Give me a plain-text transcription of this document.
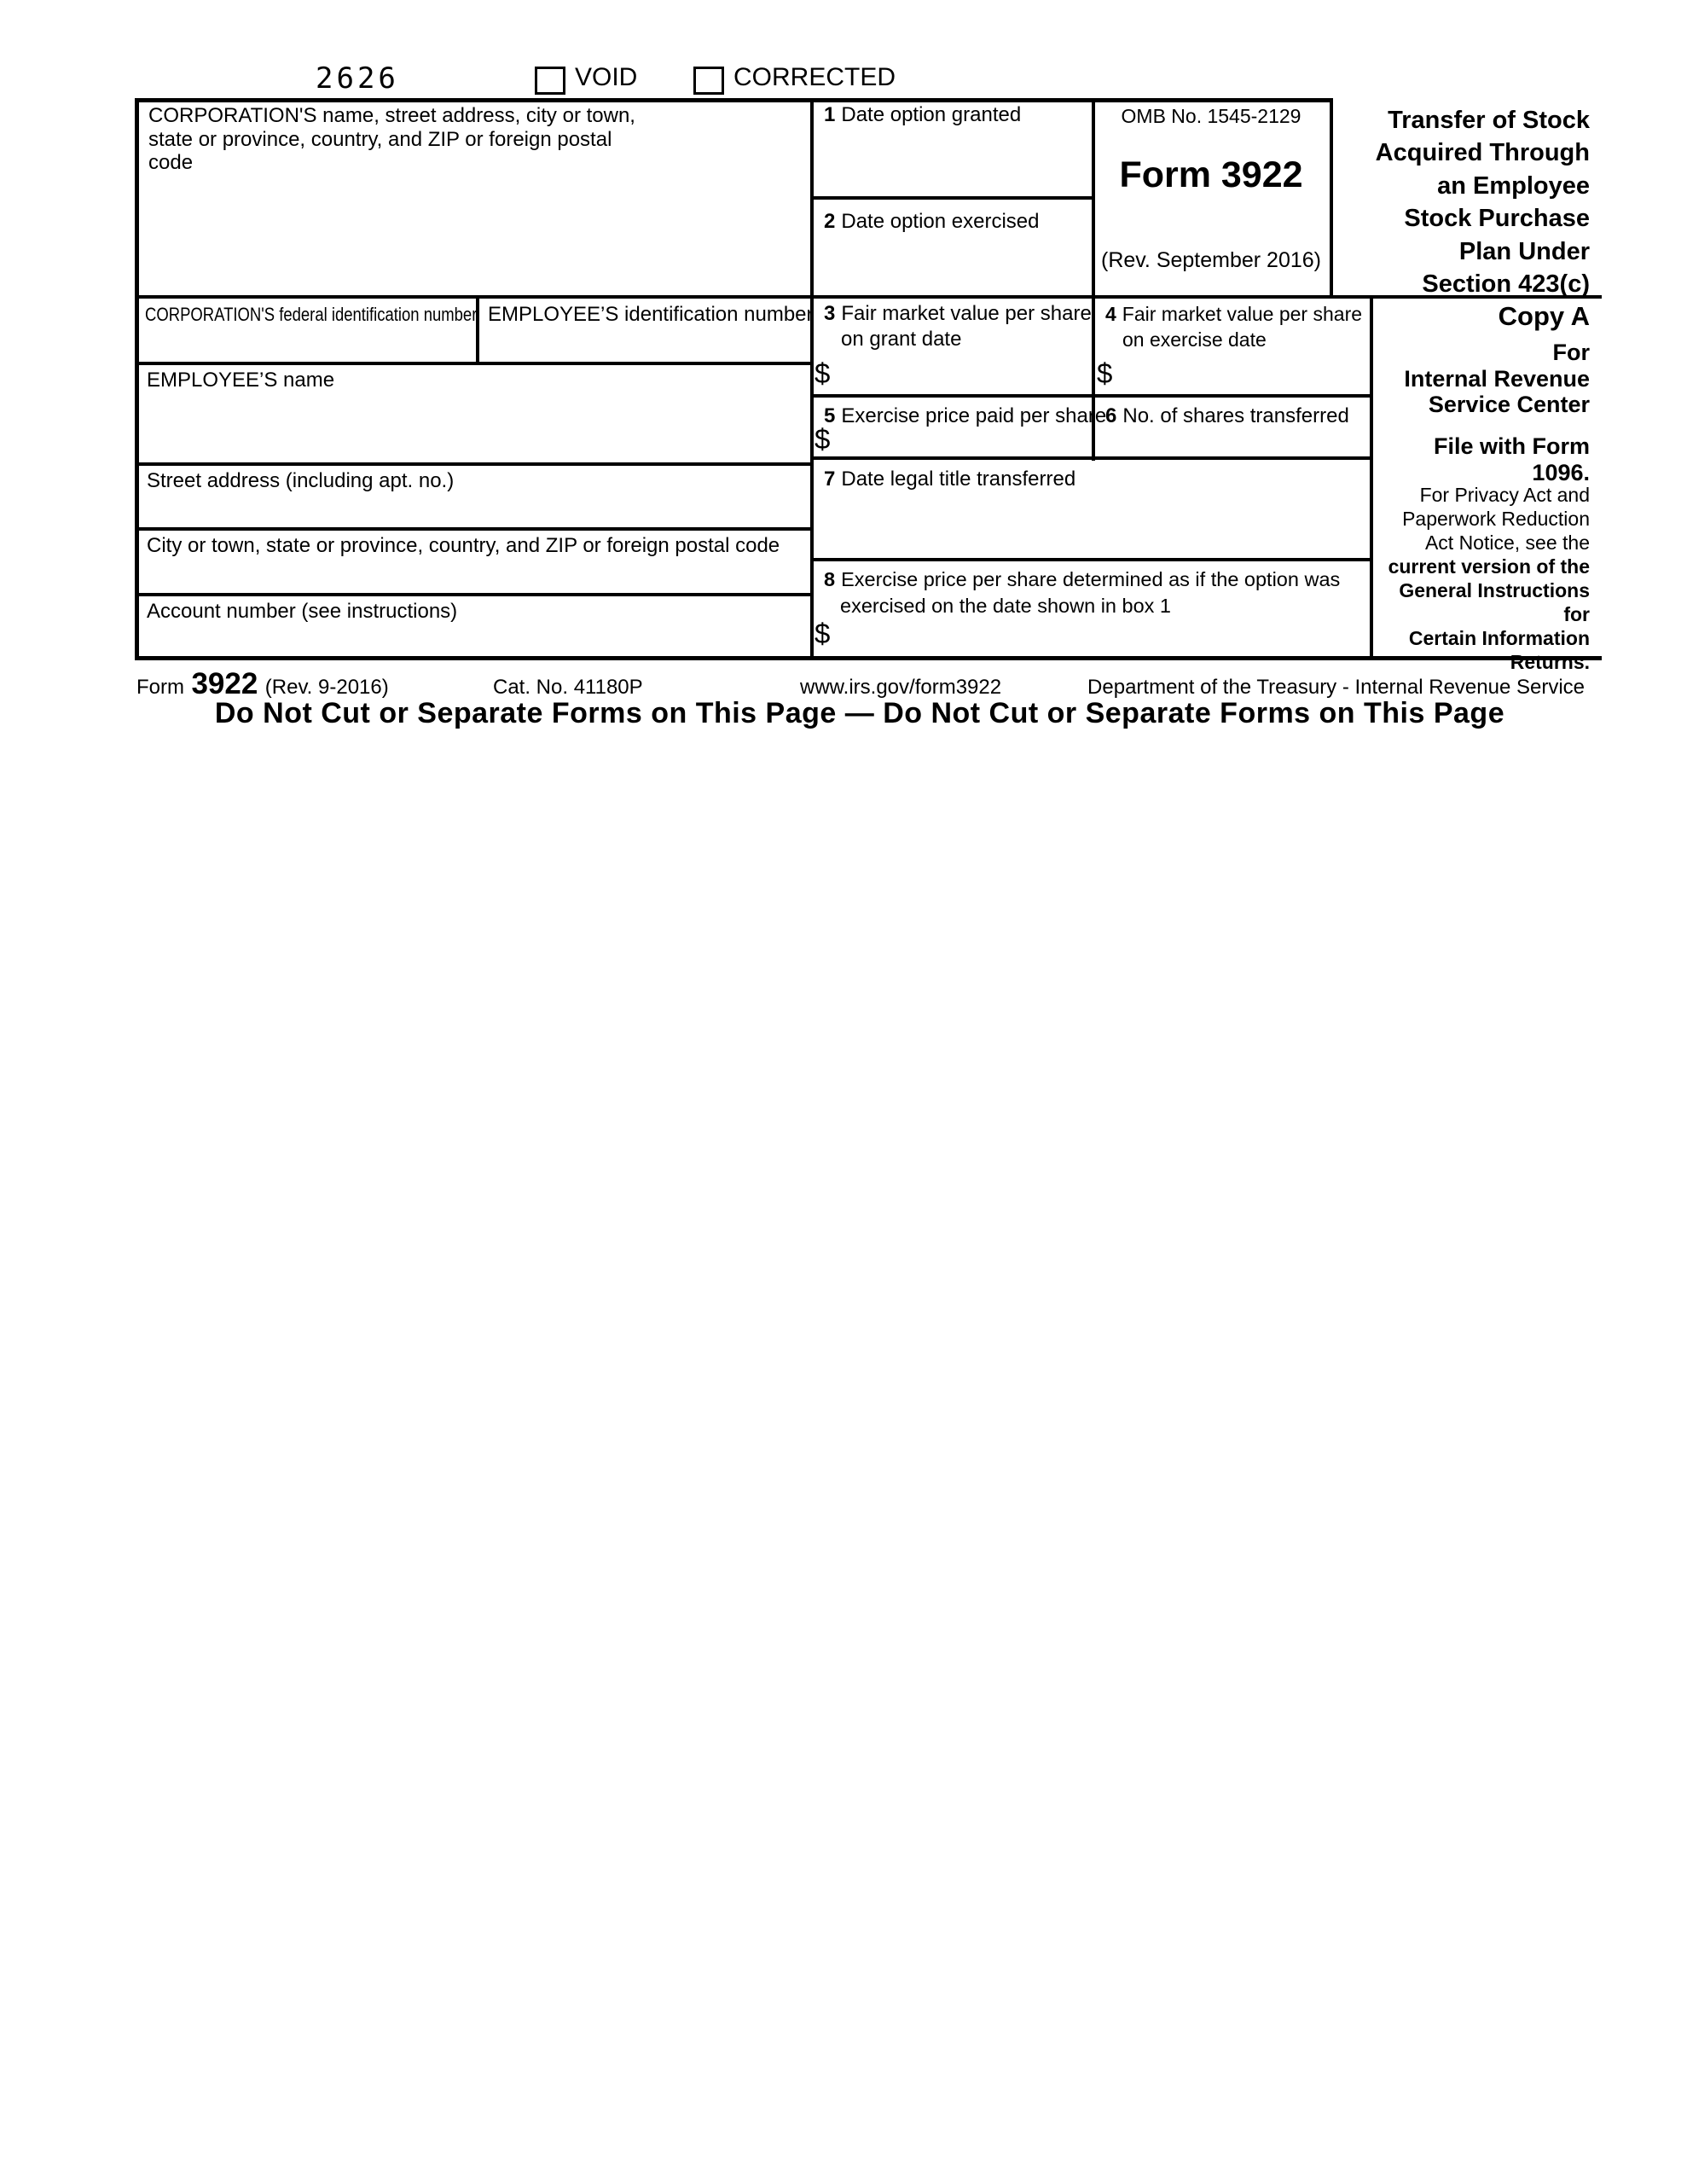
2626	VOID	CORRECTED
CORPORATION'S name, street address, city or town, state or province, country, and ZIP or foreign postal code
CORPORATION'S federal identification number EMPLOYEE’S identification number
EMPLOYEE’S name
Street address (including apt. no.)
City or town, state or province, country, and ZIP or foreign postal code
Account number (see instructions)
1 Date option granted
2 Date option exercised
OMB No. 1545-2129
Form 3922
(Rev. September 2016)
Transfer of Stock
Acquired Through
an Employee
Stock Purchase
Plan Under
Section 423(c)
3 Fair market value per share
on grant date
$
4 Fair market value per share
on exercise date
$
5 Exercise price paid per share
$
6 No. of shares transferred
7 Date legal title transferred
8 Exercise price per share determined as if the option was
exercised on the date shown in box 1
$
Copy A
For
Internal Revenue
Service Center
File with Form 1096.
For Privacy Act and
Paperwork Reduction
Act Notice, see the
current version of the
General Instructions for
Certain Information
Returns.
Form 3922 (Rev. 9-2016)	Cat. No. 41180P	www.irs.gov/form3922	Department of the Treasury - Internal Revenue Service
Do Not Cut or Separate Forms on This Page — Do Not Cut or Separate Forms on This Page
